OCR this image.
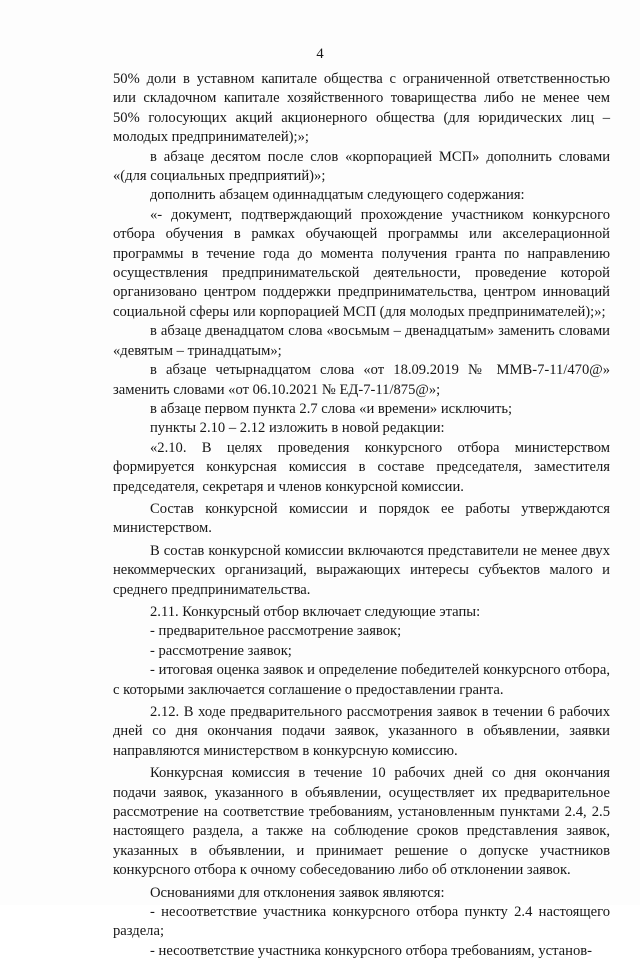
4

50% доли в уставном капитале общества с ограниченной ответственностью или складочном капитале хозяйственного товарищества либо не менее чем 50% голосующих акций акционерного общества (для юридических лиц – молодых предпринимателей);»;

в абзаце десятом после слов «корпорацией МСП» дополнить словами «(для социальных предприятий)»;

дополнить абзацем одиннадцатым следующего содержания:

«- документ, подтверждающий прохождение участником конкурсного отбора обучения в рамках обучающей программы или акселерационной программы в течение года до момента получения гранта по направлению осуществления предпринимательской деятельности, проведение которой организовано центром поддержки предпринимательства, центром инноваций социальной сферы или корпорацией МСП (для молодых предпринимателей);»;

в абзаце двенадцатом слова «восьмым – двенадцатым» заменить словами «девятым – тринадцатым»;

в абзаце четырнадцатом слова «от 18.09.2019 № ММВ-7-11/470@» заменить словами «от 06.10.2021 № ЕД-7-11/875@»;

в абзаце первом пункта 2.7 слова «и времени» исключить;

пункты 2.10 – 2.12 изложить в новой редакции:

«2.10. В целях проведения конкурсного отбора министерством формируется конкурсная комиссия в составе председателя, заместителя председателя, секретаря и членов конкурсной комиссии.

Состав конкурсной комиссии и порядок ее работы утверждаются министерством.

В состав конкурсной комиссии включаются представители не менее двух некоммерческих организаций, выражающих интересы субъектов малого и среднего предпринимательства.

2.11. Конкурсный отбор включает следующие этапы:

- предварительное рассмотрение заявок;

- рассмотрение заявок;

- итоговая оценка заявок и определение победителей конкурсного отбора, с которыми заключается соглашение о предоставлении гранта.

2.12. В ходе предварительного рассмотрения заявок в течении 6 рабочих дней со дня окончания подачи заявок, указанного в объявлении, заявки направляются министерством в конкурсную комиссию.

Конкурсная комиссия в течение 10 рабочих дней со дня окончания подачи заявок, указанного в объявлении, осуществляет их предварительное рассмотрение на соответствие требованиям, установленным пунктами 2.4, 2.5 настоящего раздела, а также на соблюдение сроков представления заявок, указанных в объявлении, и принимает решение о допуске участников конкурсного отбора к очному собеседованию либо об отклонении заявок.

Основаниями для отклонения заявок являются:

- несоответствие участника конкурсного отбора пункту 2.4 настоящего раздела;

- несоответствие участника конкурсного отбора требованиям, установ-
